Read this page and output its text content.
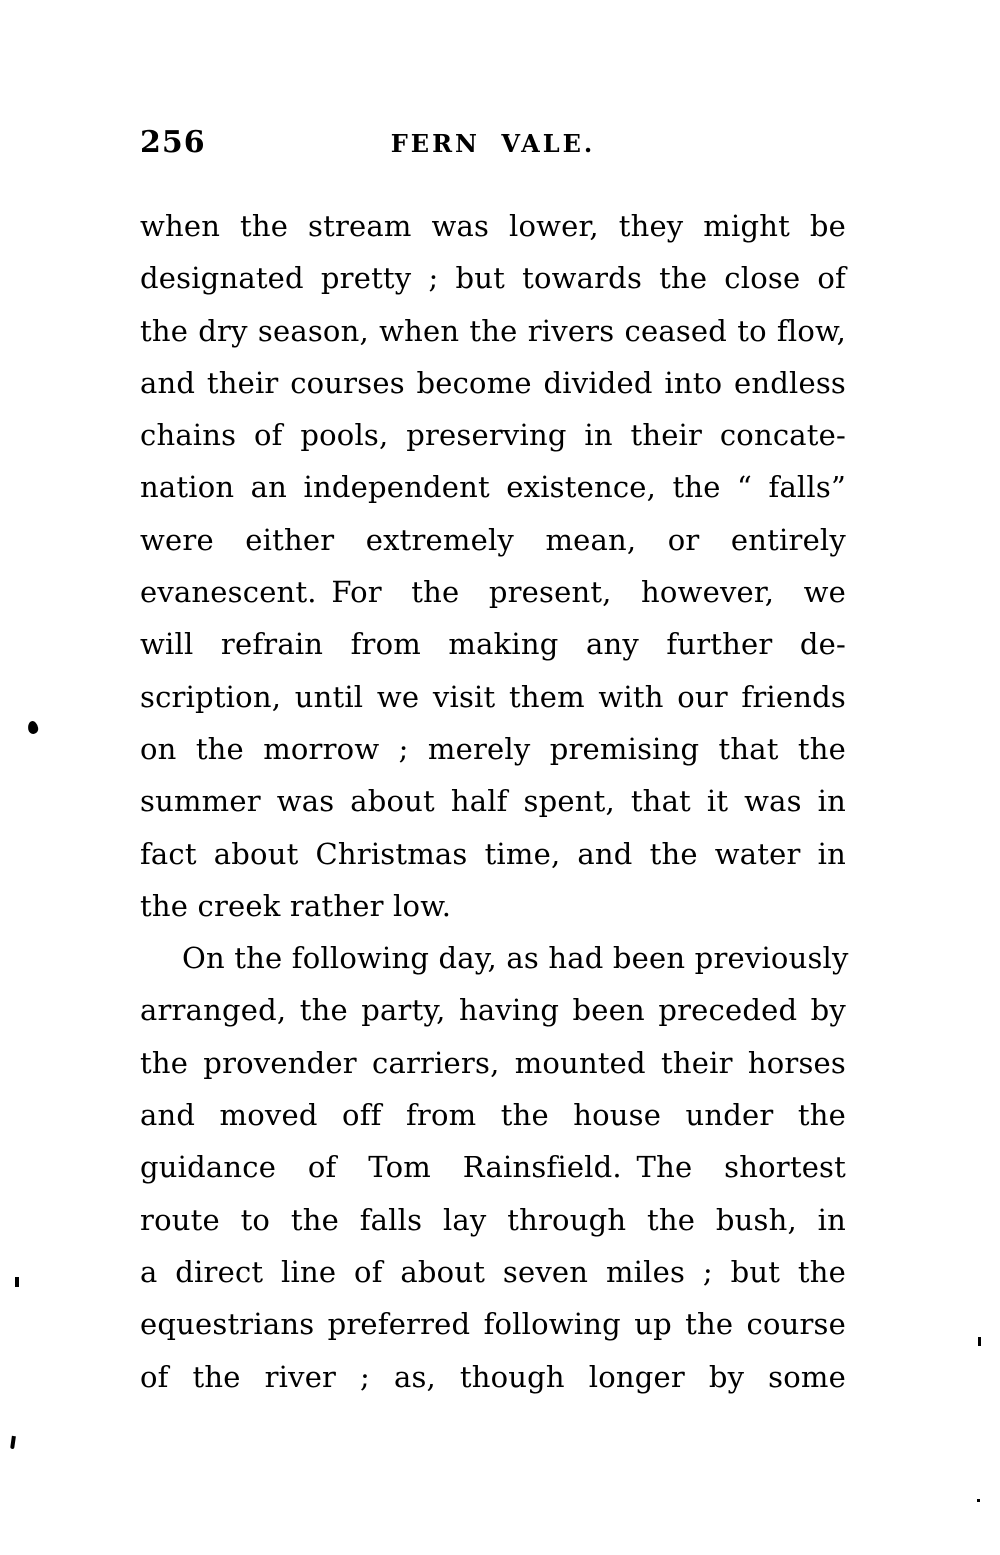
256	FERN VALE.
when the stream was lower, they might be
designated pretty ; but towards the close of
the dry season, when the rivers ceased to flow,
and their courses become divided into endless
chains of pools, preserving in their concate-
nation an independent existence, the “ falls”
were either extremely mean, or entirely
evanescent. For the present, however, we
will refrain from making any further de-
scription, until we visit them with our friends
on the morrow ; merely premising that the
summer was about half spent, that it was in
fact about Christmas time, and the water in
the creek rather low.
On the following day, as had been previously
arranged, the party, having been preceded by
the provender carriers, mounted their horses
and moved off from the house under the
guidance of Tom Rainsfield. The shortest
route to the falls lay through the bush, in
a direct line of about seven miles ; but the
equestrians preferred following up the course
of the river ; as, though longer by some
